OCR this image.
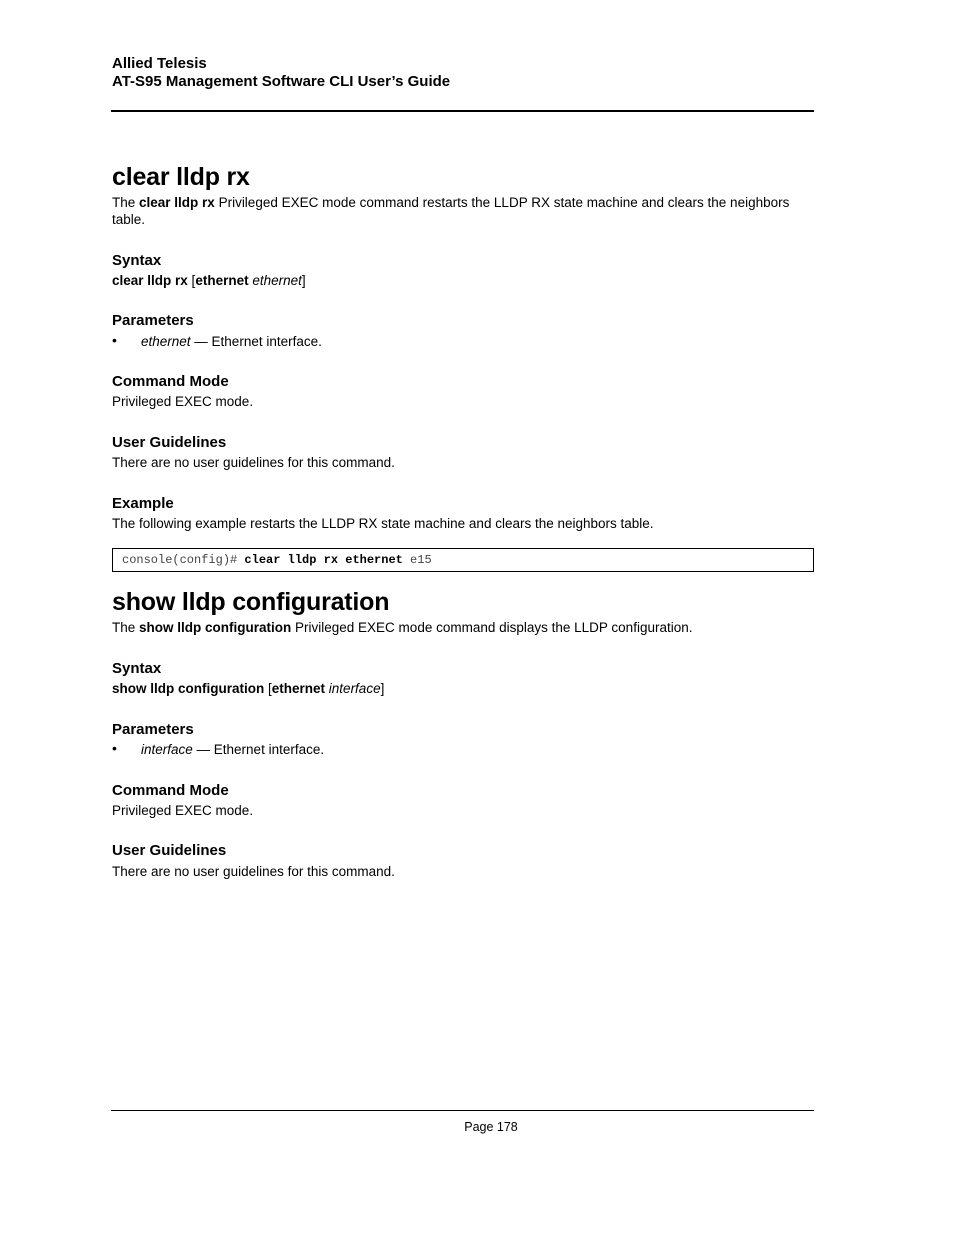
Allied Telesis
AT-S95 Management Software CLI User’s Guide
clear lldp rx
The clear lldp rx Privileged EXEC mode command restarts the LLDP RX state machine and clears the neighbors table.
Syntax
clear lldp rx [ethernet ethernet]
Parameters
• ethernet — Ethernet interface.
Command Mode
Privileged EXEC mode.
User Guidelines
There are no user guidelines for this command.
Example
The following example restarts the LLDP RX state machine and clears the neighbors table.
console(config)# clear lldp rx ethernet e15
show lldp configuration
The show lldp configuration Privileged EXEC mode command displays the LLDP configuration.
Syntax
show lldp configuration [ethernet interface]
Parameters
• interface — Ethernet interface.
Command Mode
Privileged EXEC mode.
User Guidelines
There are no user guidelines for this command.
Page 178
